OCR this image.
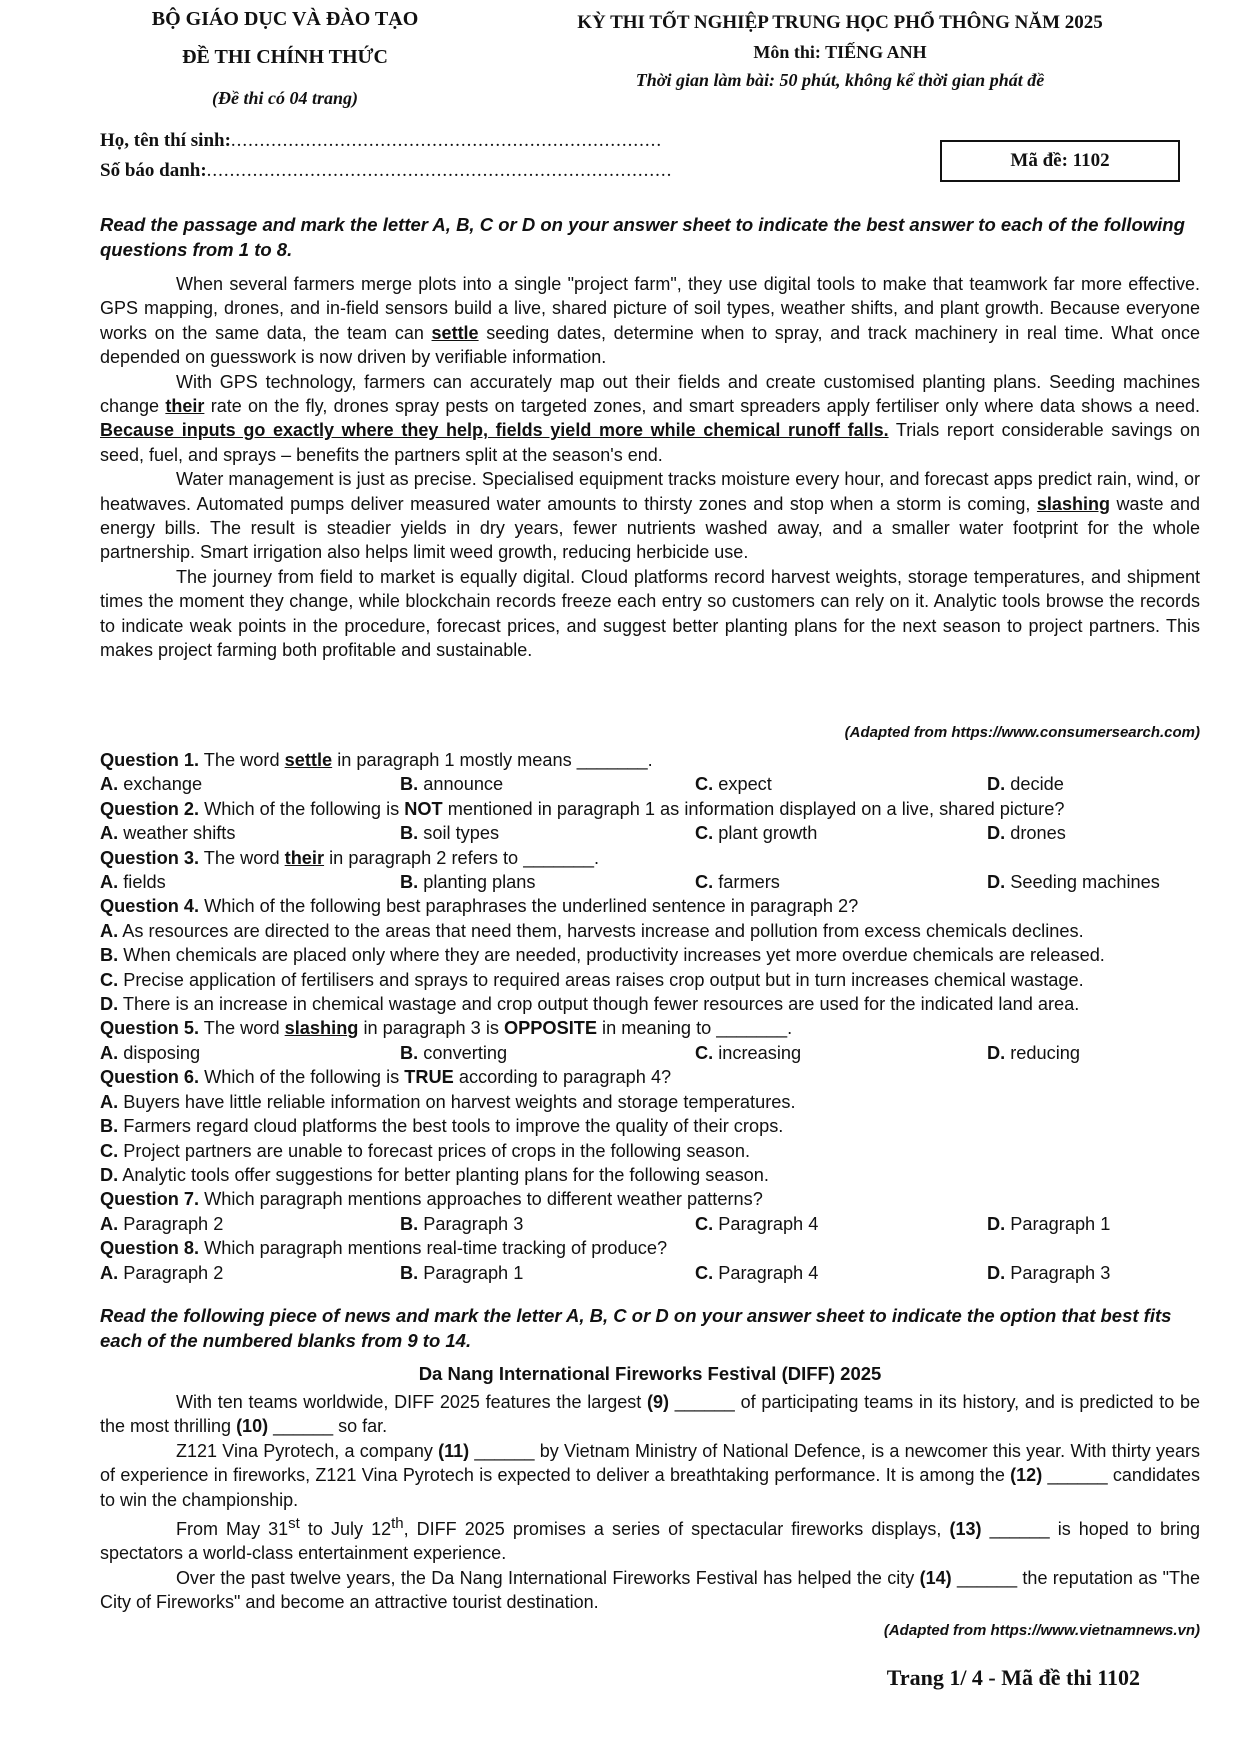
BỘ GIÁO DỤC VÀ ĐÀO TẠO
ĐỀ THI CHÍNH THỨC
(Đề thi có 04 trang)
KỲ THI TỐT NGHIỆP TRUNG HỌC PHỔ THÔNG NĂM 2025
Môn thi: TIẾNG ANH
Thời gian làm bài: 50 phút, không kể thời gian phát đề
Họ, tên thí sinh:...........................................................................
Số báo danh:.................................................................................	Mã đề: 1102
Read the passage and mark the letter A, B, C or D on your answer sheet to indicate the best answer to each of the following questions from 1 to 8.

When several farmers merge plots into a single "project farm", they use digital tools to make that teamwork far more effective. GPS mapping, drones, and in-field sensors build a live, shared picture of soil types, weather shifts, and plant growth. Because everyone works on the same data, the team can settle seeding dates, determine when to spray, and track machinery in real time. What once depended on guesswork is now driven by verifiable information.

With GPS technology, farmers can accurately map out their fields and create customised planting plans. Seeding machines change their rate on the fly, drones spray pests on targeted zones, and smart spreaders apply fertiliser only where data shows a need. Because inputs go exactly where they help, fields yield more while chemical runoff falls. Trials report considerable savings on seed, fuel, and sprays – benefits the partners split at the season's end.

Water management is just as precise. Specialised equipment tracks moisture every hour, and forecast apps predict rain, wind, or heatwaves. Automated pumps deliver measured water amounts to thirsty zones and stop when a storm is coming, slashing waste and energy bills. The result is steadier yields in dry years, fewer nutrients washed away, and a smaller water footprint for the whole partnership. Smart irrigation also helps limit weed growth, reducing herbicide use.

The journey from field to market is equally digital. Cloud platforms record harvest weights, storage temperatures, and shipment times the moment they change, while blockchain records freeze each entry so customers can rely on it. Analytic tools browse the records to indicate weak points in the procedure, forecast prices, and suggest better planting plans for the next season to project partners. This makes project farming both profitable and sustainable.

(Adapted from https://www.consumersearch.com)

Question 1. The word settle in paragraph 1 mostly means _______.

A. exchange	B. announce	C. expect	D. decide

Question 2. Which of the following is NOT mentioned in paragraph 1 as information displayed on a live, shared picture?

A. weather shifts	B. soil types	C. plant growth	D. drones

Question 3. The word their in paragraph 2 refers to _______.

A. fields	B. planting plans	C. farmers	D. Seeding machines

Question 4. Which of the following best paraphrases the underlined sentence in paragraph 2?

A. As resources are directed to the areas that need them, harvests increase and pollution from excess chemicals declines.

B. When chemicals are placed only where they are needed, productivity increases yet more overdue chemicals are released.

C. Precise application of fertilisers and sprays to required areas raises crop output but in turn increases chemical wastage.

D. There is an increase in chemical wastage and crop output though fewer resources are used for the indicated land area.

Question 5. The word slashing in paragraph 3 is OPPOSITE in meaning to _______.

A. disposing	B. converting	C. increasing	D. reducing

Question 6. Which of the following is TRUE according to paragraph 4?

A. Buyers have little reliable information on harvest weights and storage temperatures.

B. Farmers regard cloud platforms the best tools to improve the quality of their crops.

C. Project partners are unable to forecast prices of crops in the following season.

D. Analytic tools offer suggestions for better planting plans for the following season.

Question 7. Which paragraph mentions approaches to different weather patterns?

A. Paragraph 2	B. Paragraph 3	C. Paragraph 4	D. Paragraph 1

Question 8. Which paragraph mentions real-time tracking of produce?

A. Paragraph 2	B. Paragraph 1	C. Paragraph 4	D. Paragraph 3
Read the following piece of news and mark the letter A, B, C or D on your answer sheet to indicate the option that best fits each of the numbered blanks from 9 to 14.
Da Nang International Fireworks Festival (DIFF) 2025

With ten teams worldwide, DIFF 2025 features the largest (9) ______ of participating teams in its history, and is predicted to be the most thrilling (10) ______ so far.

Z121 Vina Pyrotech, a company (11) ______ by Vietnam Ministry of National Defence, is a newcomer this year. With thirty years of experience in fireworks, Z121 Vina Pyrotech is expected to deliver a breathtaking performance. It is among the (12) ______ candidates to win the championship.

From May 31st to July 12th, DIFF 2025 promises a series of spectacular fireworks displays, (13) ______ is hoped to bring spectators a world-class entertainment experience.

Over the past twelve years, the Da Nang International Fireworks Festival has helped the city (14) ______ the reputation as "The City of Fireworks" and become an attractive tourist destination.

(Adapted from https://www.vietnamnews.vn)
Trang 1/ 4 - Mã đề thi 1102
